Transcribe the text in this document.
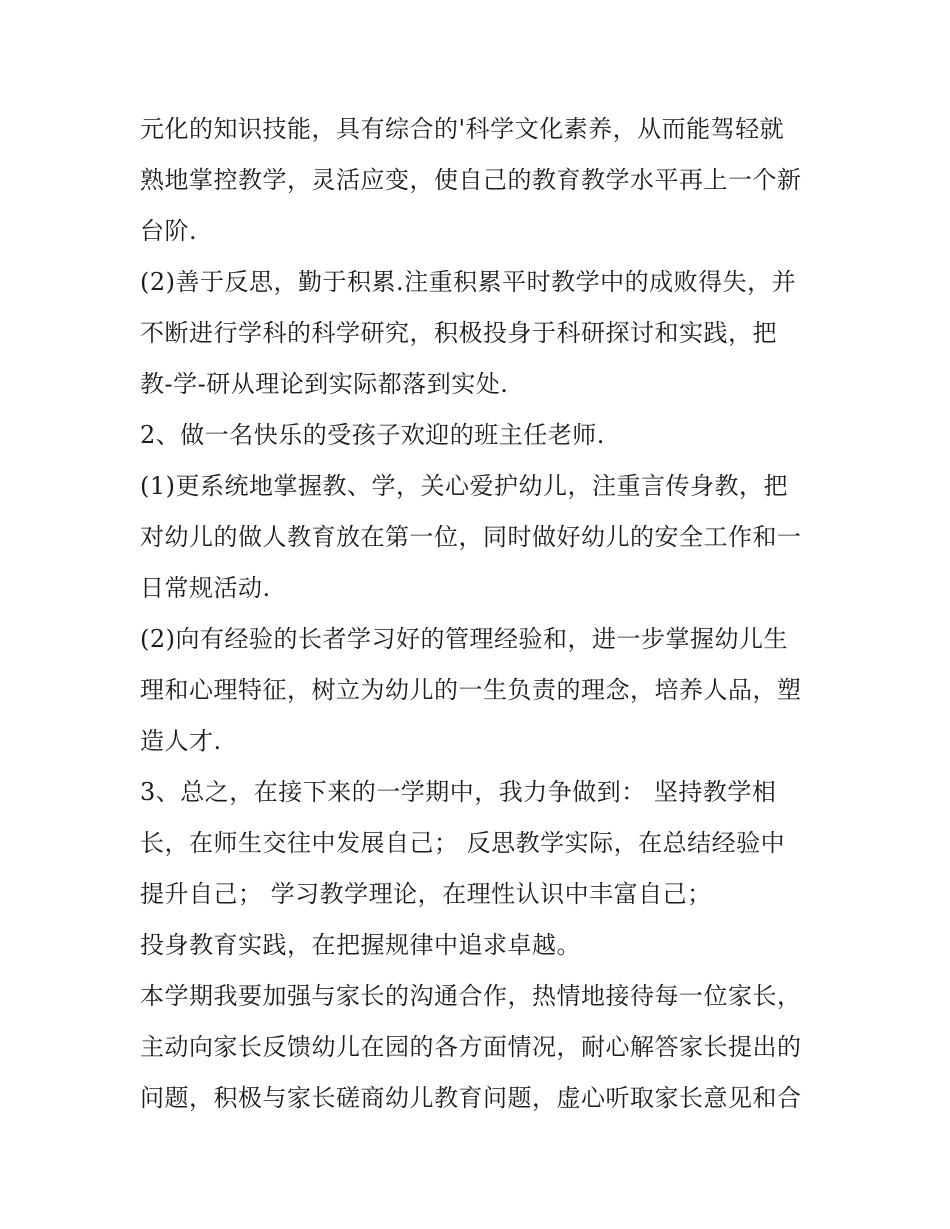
元化的知识技能，具有综合的'科学文化素养，从而能驾轻就
熟地掌控教学，灵活应变，使自己的教育教学水平再上一个新
台阶.
(2)善于反思，勤于积累.注重积累平时教学中的成败得失，并
不断进行学科的科学研究，积极投身于科研探讨和实践，把
教-学-研从理论到实际都落到实处.
2、做一名快乐的受孩子欢迎的班主任老师.
(1)更系统地掌握教、学，关心爱护幼儿，注重言传身教，把
对幼儿的做人教育放在第一位，同时做好幼儿的安全工作和一
日常规活动.
(2)向有经验的长者学习好的管理经验和，进一步掌握幼儿生
理和心理特征，树立为幼儿的一生负责的理念，培养人品，塑
造人才.
3、总之，在接下来的一学期中，我力争做到： 坚持教学相
长，在师生交往中发展自己； 反思教学实际，在总结经验中
提升自己； 学习教学理论，在理性认识中丰富自己；
投身教育实践，在把握规律中追求卓越。
本学期我要加强与家长的沟通合作，热情地接待每一位家长，
主动向家长反馈幼儿在园的各方面情况，耐心解答家长提出的
问题，积极与家长磋商幼儿教育问题，虚心听取家长意见和合
